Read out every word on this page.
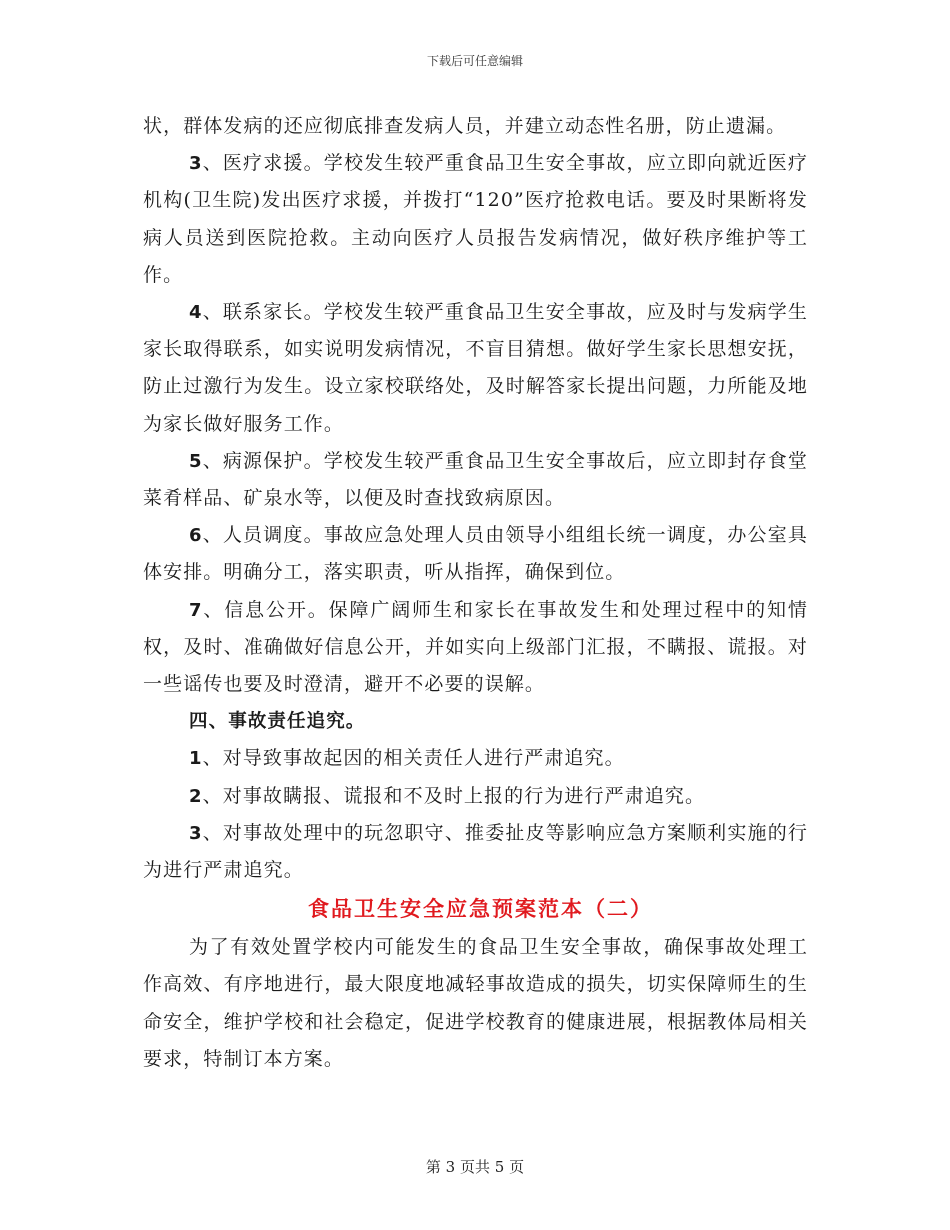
下载后可任意编辑

状，群体发病的还应彻底排查发病人员，并建立动态性名册，防止遗漏。

3、医疗求援。学校发生较严重食品卫生安全事故，应立即向就近医疗机构(卫生院)发出医疗求援，并拨打“120”医疗抢救电话。要及时果断将发病人员送到医院抢救。主动向医疗人员报告发病情况，做好秩序维护等工作。

4、联系家长。学校发生较严重食品卫生安全事故，应及时与发病学生家长取得联系，如实说明发病情况，不盲目猜想。做好学生家长思想安抚，防止过激行为发生。设立家校联络处，及时解答家长提出问题，力所能及地为家长做好服务工作。

5、病源保护。学校发生较严重食品卫生安全事故后，应立即封存食堂菜肴样品、矿泉水等，以便及时查找致病原因。

6、人员调度。事故应急处理人员由领导小组组长统一调度，办公室具体安排。明确分工，落实职责，听从指挥，确保到位。

7、信息公开。保障广阔师生和家长在事故发生和处理过程中的知情权，及时、准确做好信息公开，并如实向上级部门汇报，不瞒报、谎报。对一些谣传也要及时澄清，避开不必要的误解。

四、事故责任追究。

1、对导致事故起因的相关责任人进行严肃追究。

2、对事故瞒报、谎报和不及时上报的行为进行严肃追究。

3、对事故处理中的玩忽职守、推委扯皮等影响应急方案顺利实施的行为进行严肃追究。

食品卫生安全应急预案范本（二）

为了有效处置学校内可能发生的食品卫生安全事故，确保事故处理工作高效、有序地进行，最大限度地减轻事故造成的损失，切实保障师生的生命安全，维护学校和社会稳定，促进学校教育的健康进展，根据教体局相关要求，特制订本方案。

第 3 页共 5 页
